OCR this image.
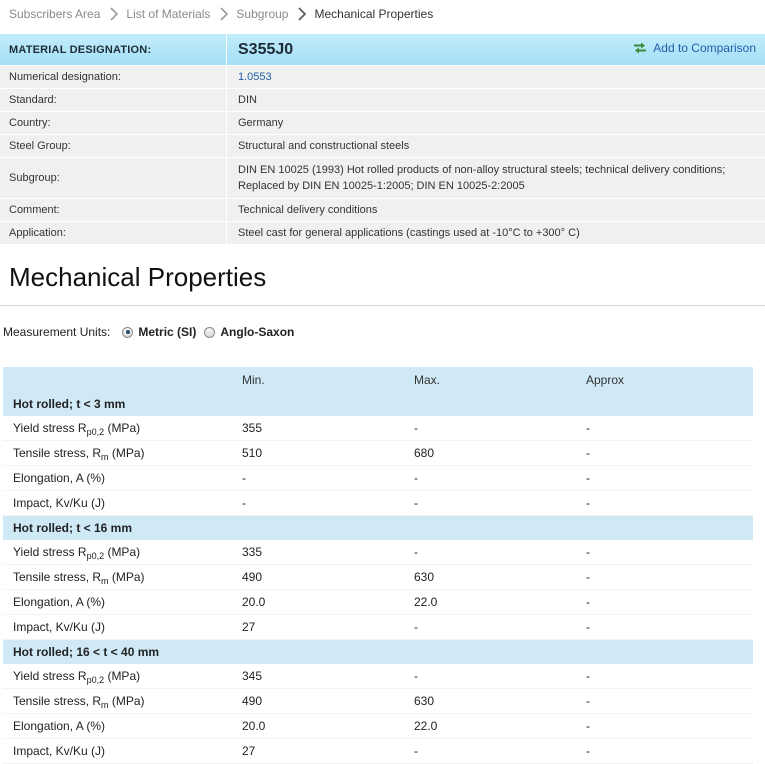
Subscribers Area List of Materials Subgroup Mechanical Properties
MATERIAL DESIGNATION:	S355J0 Add to Comparison

Numerical designation:	1.0553
Standard:	DIN
Country:	Germany
Steel Group:	Structural and constructional steels
Subgroup:	DIN EN 10025 (1993) Hot rolled products of non-alloy structural steels; technical delivery conditions;
Replaced by DIN EN 10025-1:2005; DIN EN 10025-2:2005

Comment:	Technical delivery conditions
Application:	Steel cast for general applications (castings used at -10°C to +300° C)
Mechanical Properties
Measurement Units: Metric (SI) Anglo-Saxon
	Min.	Max.	Approx
Hot rolled; t < 3 mm			
Yield stress $R_{p0,2}$ (MPa)	355	-	-
Tensile stress, $R_m$ (MPa)	510	680	-
Elongation, A (%)	-	-	-
Impact, Kv/Ku (J)	-	-	-
Hot rolled; t < 16 mm			
Yield stress $R_{p0,2}$ (MPa)	335	-	-
Tensile stress, $R_m$ (MPa)	490	630	-
Elongation, A (%)	20.0	22.0	-
Impact, Kv/Ku (J)	27	-	-
Hot rolled; 16 < t < 40 mm			
Yield stress $R_{p0,2}$ (MPa)	345	-	-
Tensile stress, $R_m$ (MPa)	490	630	-
Elongation, A (%)	20.0	22.0	-
Impact, Kv/Ku (J)	27	-	-
